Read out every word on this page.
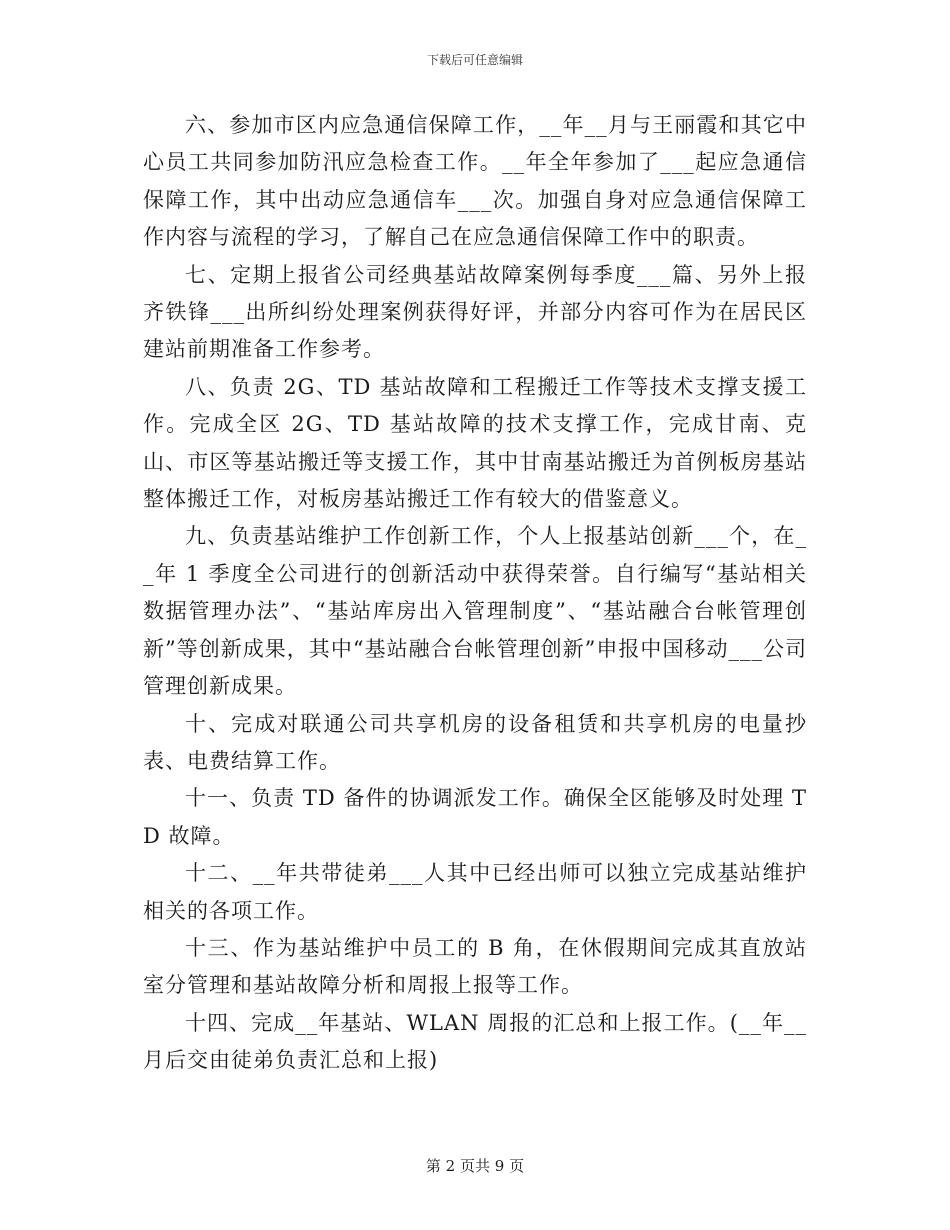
下载后可任意编辑

六、参加市区内应急通信保障工作，__年__月与王丽霞和其它中心员工共同参加防汛应急检查工作。__年全年参加了___起应急通信保障工作，其中出动应急通信车___次。加强自身对应急通信保障工作内容与流程的学习，了解自己在应急通信保障工作中的职责。

七、定期上报省公司经典基站故障案例每季度___篇、另外上报齐铁锋___出所纠纷处理案例获得好评，并部分内容可作为在居民区建站前期准备工作参考。

八、负责 2G、TD 基站故障和工程搬迁工作等技术支撑支援工作。完成全区 2G、TD 基站故障的技术支撑工作，完成甘南、克山、市区等基站搬迁等支援工作，其中甘南基站搬迁为首例板房基站整体搬迁工作，对板房基站搬迁工作有较大的借鉴意义。

九、负责基站维护工作创新工作，个人上报基站创新___个，在__年 1 季度全公司进行的创新活动中获得荣誉。自行编写“基站相关数据管理办法”、“基站库房出入管理制度”、“基站融合台帐管理创新”等创新成果，其中“基站融合台帐管理创新”申报中国移动___公司管理创新成果。

十、完成对联通公司共享机房的设备租赁和共享机房的电量抄表、电费结算工作。

十一、负责 TD 备件的协调派发工作。确保全区能够及时处理 TD 故障。

十二、__年共带徒弟___人其中已经出师可以独立完成基站维护相关的各项工作。

十三、作为基站维护中员工的 B 角，在休假期间完成其直放站室分管理和基站故障分析和周报上报等工作。

十四、完成__年基站、WLAN 周报的汇总和上报工作。(__年__月后交由徒弟负责汇总和上报)

第 2 页共 9 页
